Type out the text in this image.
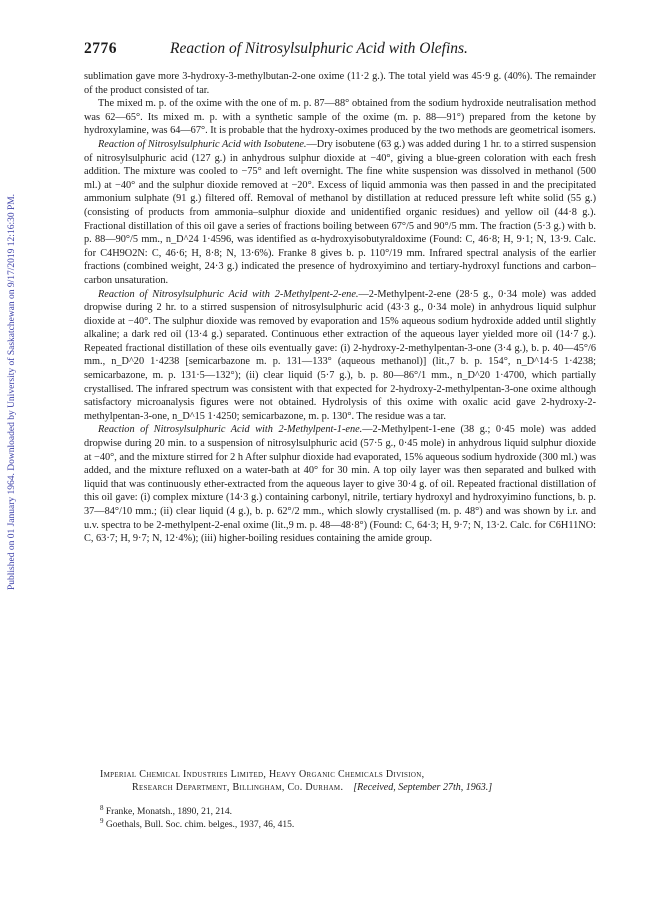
Published on 01 January 1964. Downloaded by University of Saskatchewan on 9/17/2019 12:16:30 PM.
2776	Reaction of Nitrosylsulphuric Acid with Olefins.

sublimation gave more 3-hydroxy-3-methylbutan-2-one oxime (11·2 g.). The total yield was 45·9 g. (40%). The remainder of the product consisted of tar.

The mixed m. p. of the oxime with the one of m. p. 87—88° obtained from the sodium hydroxide neutralisation method was 62—65°. Its mixed m. p. with a synthetic sample of the oxime (m. p. 88—91°) prepared from the ketone by hydroxylamine, was 64—67°. It is probable that the hydroxy-oximes produced by the two methods are geometrical isomers.

Reaction of Nitrosylsulphuric Acid with Isobutene.—Dry isobutene (63 g.) was added during 1 hr. to a stirred suspension of nitrosylsulphuric acid (127 g.) in anhydrous sulphur dioxide at −40°, giving a blue-green coloration with each fresh addition. The mixture was cooled to −75° and left overnight. The fine white suspension was dissolved in methanol (500 ml.) at −40° and the sulphur dioxide removed at −20°. Excess of liquid ammonia was then passed in and the precipitated ammonium sulphate (91 g.) filtered off. Removal of methanol by distillation at reduced pressure left white solid (55 g.) (consisting of products from ammonia–sulphur dioxide and unidentified organic residues) and yellow oil (44·8 g.). Fractional distillation of this oil gave a series of fractions boiling between 67°/5 and 90°/5 mm. The fraction (5·3 g.) with b. p. 88—90°/5 mm., n_D^24 1·4596, was identified as α-hydroxyisobutyraldoxime (Found: C, 46·8; H, 9·1; N, 13·9. Calc. for C4H9O2N: C, 46·6; H, 8·8; N, 13·6%). Franke 8 gives b. p. 110°/19 mm. Infrared spectral analysis of the earlier fractions (combined weight, 24·3 g.) indicated the presence of hydroxyimino and tertiary-hydroxyl functions and carbon–carbon unsaturation.

Reaction of Nitrosylsulphuric Acid with 2-Methylpent-2-ene.—2-Methylpent-2-ene (28·5 g., 0·34 mole) was added dropwise during 2 hr. to a stirred suspension of nitrosylsulphuric acid (43·3 g., 0·34 mole) in anhydrous liquid sulphur dioxide at −40°. The sulphur dioxide was removed by evaporation and 15% aqueous sodium hydroxide added until slightly alkaline; a dark red oil (13·4 g.) separated. Continuous ether extraction of the aqueous layer yielded more oil (14·7 g.). Repeated fractional distillation of these oils eventually gave: (i) 2-hydroxy-2-methylpentan-3-one (3·4 g.), b. p. 40—45°/6 mm., n_D^20 1·4238 [semicarbazone m. p. 131—133° (aqueous methanol)] (lit.,7 b. p. 154°, n_D^14·5 1·4238; semicarbazone, m. p. 131·5—132°); (ii) clear liquid (5·7 g.), b. p. 80—86°/1 mm., n_D^20 1·4700, which partially crystallised. The infrared spectrum was consistent with that expected for 2-hydroxy-2-methylpentan-3-one oxime although satisfactory microanalysis figures were not obtained. Hydrolysis of this oxime with oxalic acid gave 2-hydroxy-2-methylpentan-3-one, n_D^15 1·4250; semicarbazone, m. p. 130°. The residue was a tar.

Reaction of Nitrosylsulphuric Acid with 2-Methylpent-1-ene.—2-Methylpent-1-ene (38 g.; 0·45 mole) was added dropwise during 20 min. to a suspension of nitrosylsulphuric acid (57·5 g., 0·45 mole) in anhydrous liquid sulphur dioxide at −40°, and the mixture stirred for 2 h After sulphur dioxide had evaporated, 15% aqueous sodium hydroxide (300 ml.) was added, and the mixture refluxed on a water-bath at 40° for 30 min. A top oily layer was then separated and bulked with liquid that was continuously ether-extracted from the aqueous layer to give 30·4 g. of oil. Repeated fractional distillation of this oil gave: (i) complex mixture (14·3 g.) containing carbonyl, nitrile, tertiary hydroxyl and hydroxyimino functions, b. p. 37—84°/10 mm.; (ii) clear liquid (4 g.), b. p. 62°/2 mm., which slowly crystallised (m. p. 48°) and was shown by i.r. and u.v. spectra to be 2-methylpent-2-enal oxime (lit.,9 m. p. 48—48·8°) (Found: C, 64·3; H, 9·7; N, 13·2. Calc. for C6H11NO: C, 63·7; H, 9·7; N, 12·4%); (iii) higher-boiling residues containing the amide group.

Imperial Chemical Industries Limited, Heavy Organic Chemicals Division,
Research Department, Billingham, Co. Durham. [Received, September 27th, 1963.]
$^8$ Franke, Monatsh., 1890, 21, 214.
$^9$ Goethals, Bull. Soc. chim. belges., 1937, 46, 415.
